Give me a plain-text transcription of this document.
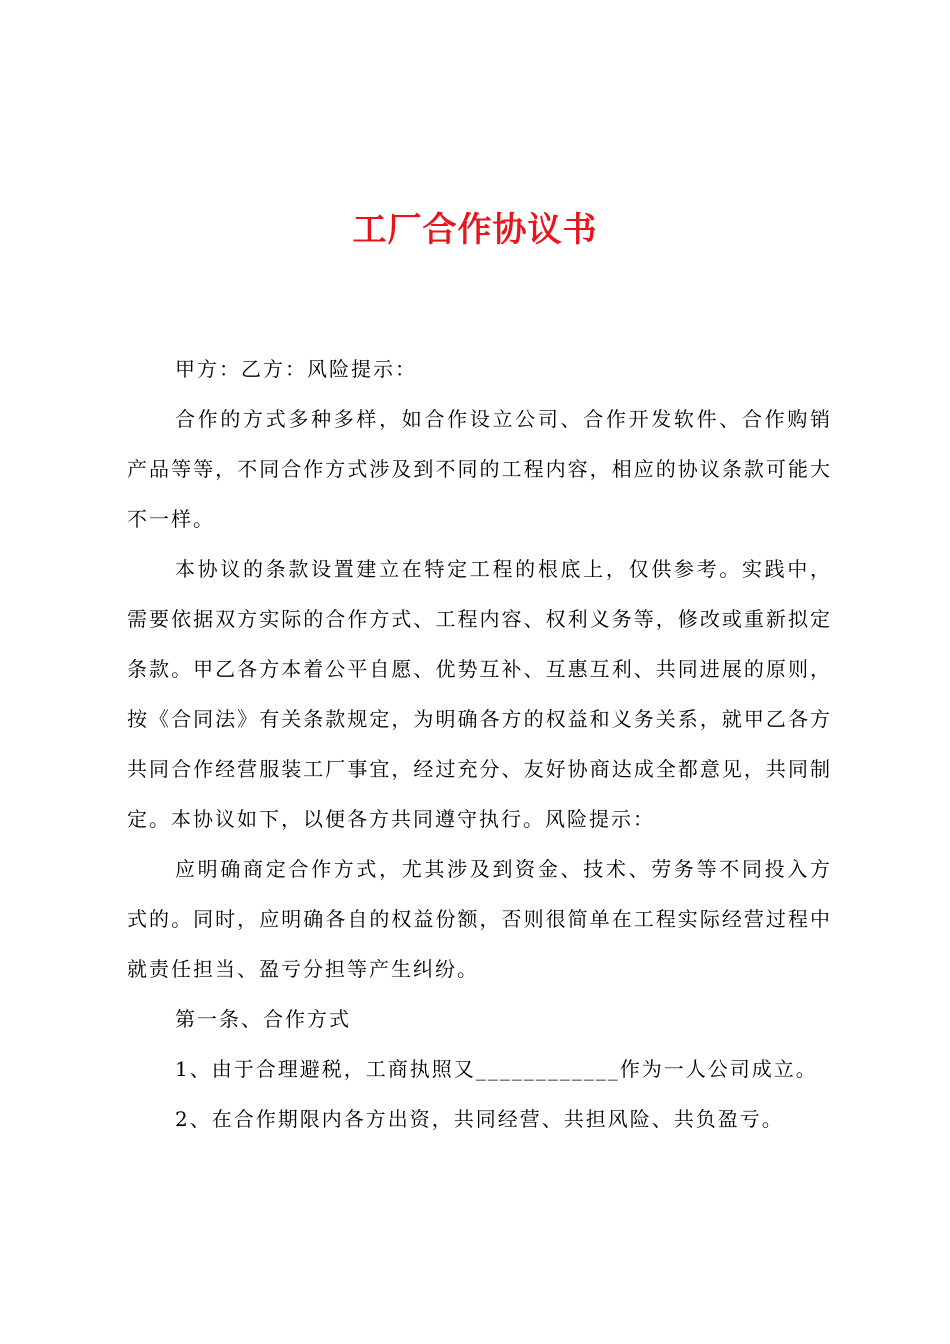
工厂合作协议书

甲方：乙方：风险提示：

合作的方式多种多样，如合作设立公司、合作开发软件、合作购销产品等等，不同合作方式涉及到不同的工程内容，相应的协议条款可能大不一样。

本协议的条款设置建立在特定工程的根底上，仅供参考。实践中，需要依据双方实际的合作方式、工程内容、权利义务等，修改或重新拟定条款。甲乙各方本着公平自愿、优势互补、互惠互利、共同进展的原则，按《合同法》有关条款规定，为明确各方的权益和义务关系，就甲乙各方共同合作经营服装工厂事宜，经过充分、友好协商达成全都意见，共同制定。本协议如下，以便各方共同遵守执行。风险提示：

应明确商定合作方式，尤其涉及到资金、技术、劳务等不同投入方式的。同时，应明确各自的权益份额，否则很简单在工程实际经营过程中就责任担当、盈亏分担等产生纠纷。

第一条、合作方式

1、由于合理避税，工商执照又____________作为一人公司成立。

2、在合作期限内各方出资，共同经营、共担风险、共负盈亏。
